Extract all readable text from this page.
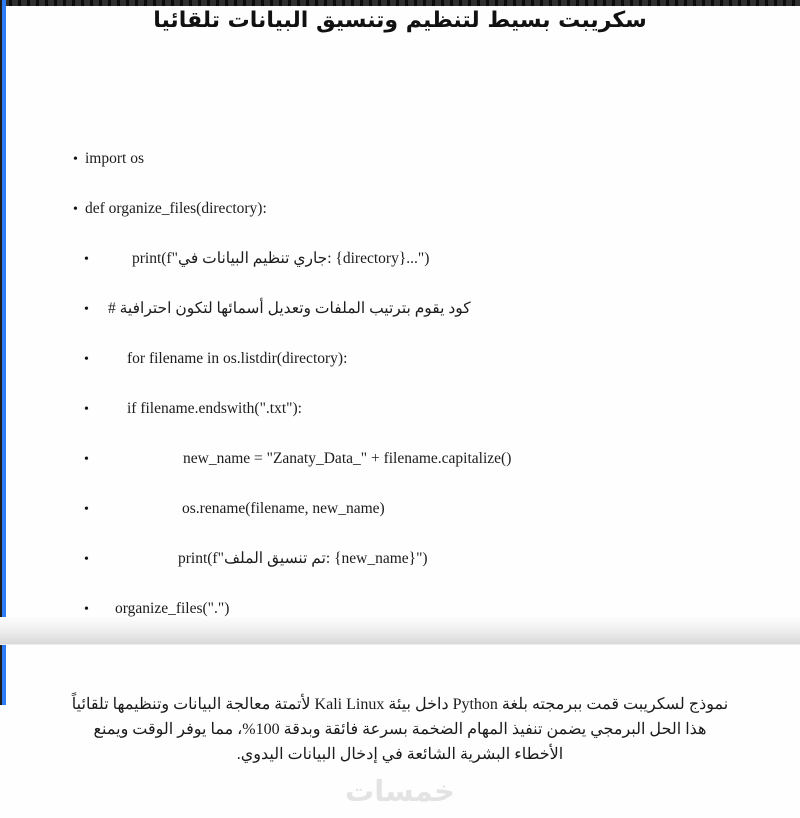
سكريبت بسيط لتنظيم وتنسيق البيانات تلقائيا
• import os
• def organize_files(directory):
•	print(f"جاري تنظيم البيانات في: {directory}...")
• # كود يقوم بترتيب الملفات وتعديل أسمائها لتكون احترافية
• for filename in os.listdir(directory):
• if filename.endswith(".txt"):
•	new_name = "Zanaty_Data_" + filename.capitalize()
•	os.rename(filename, new_name)
•	print(f"تم تنسيق الملف: {new_name}")
• organize_files(".")
نموذج لسكريبت قمت ببرمجته بلغة Python داخل بيئة Kali Linux لأتمتة معالجة البيانات وتنظيمها تلقائياً
هذا الحل البرمجي يضمن تنفيذ المهام الضخمة بسرعة فائقة وبدقة 100%، مما يوفر الوقت ويمنع
الأخطاء البشرية الشائعة في إدخال البيانات اليدوي.
خمسات
